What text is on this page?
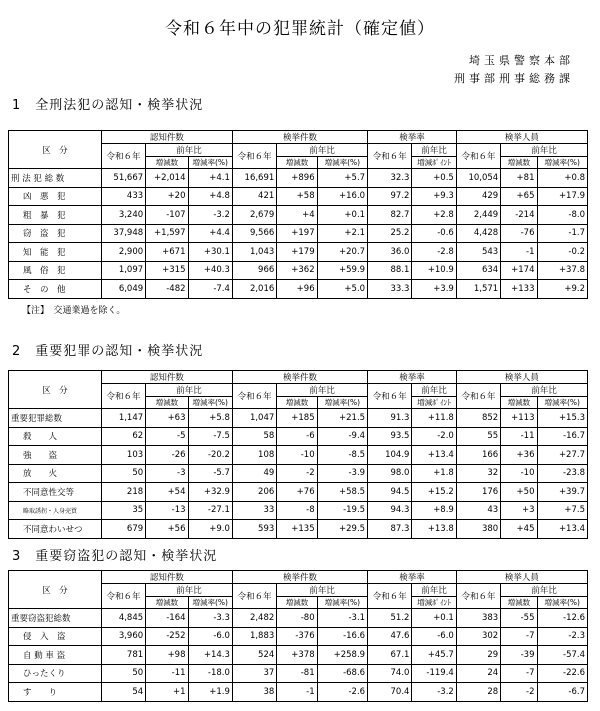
令和６年中の犯罪統計（確定値）
埼玉県警察本部
刑事部刑事総務課
1　全刑法犯の認知・検挙状況
区　分	認知件数			検挙件数			検挙率		検挙人員		
	令和６年	前年比		令和６年	前年比		令和６年	前年比	令和６年	前年比	
		増減数	増減率(%)		増減数	増減率(%)		増減ﾎﾟｲﾝﾄ		増減数	増減率(%)
刑 法 犯 総 数	51,667	+2,014	+4.1	16,691	+896	+5.7	32.3	+0.5	10,054	+81	+0.8
凶　悪　犯	433	+20	+4.8	421	+58	+16.0	97.2	+9.3	429	+65	+17.9
粗　暴　犯	3,240	-107	-3.2	2,679	+4	+0.1	82.7	+2.8	2,449	-214	-8.0
窃　盗　犯	37,948	+1,597	+4.4	9,566	+197	+2.1	25.2	-0.6	4,428	-76	-1.7
知　能　犯	2,900	+671	+30.1	1,043	+179	+20.7	36.0	-2.8	543	-1	-0.2
風　俗　犯	1,097	+315	+40.3	966	+362	+59.9	88.1	+10.9	634	+174	+37.8
そ　の　他	6,049	-482	-7.4	2,016	+96	+5.0	33.3	+3.9	1,571	+133	+9.2
【注】　交通業過を除く。
2　重要犯罪の認知・検挙状況
区　分	認知件数			検挙件数			検挙率		検挙人員		
	令和６年	前年比		令和６年	前年比		令和６年	前年比	令和６年	前年比	
		増減数	増減率(%)		増減数	増減率(%)		増減ﾎﾟｲﾝﾄ		増減数	増減率(%)
重要犯罪総数	1,147	+63	+5.8	1,047	+185	+21.5	91.3	+11.8	852	+113	+15.3
殺　　人	62	-5	-7.5	58	-6	-9.4	93.5	-2.0	55	-11	-16.7
強　　盗	103	-26	-20.2	108	-10	-8.5	104.9	+13.4	166	+36	+27.7
放　　火	50	-3	-5.7	49	-2	-3.9	98.0	+1.8	32	-10	-23.8
不同意性交等	218	+54	+32.9	206	+76	+58.5	94.5	+15.2	176	+50	+39.7
略取誘拐・人身売買	35	-13	-27.1	33	-8	-19.5	94.3	+8.9	43	+3	+7.5
不同意わいせつ	679	+56	+9.0	593	+135	+29.5	87.3	+13.8	380	+45	+13.4
3　重要窃盗犯の認知・検挙状況
区　分	認知件数			検挙件数			検挙率		検挙人員		
	令和６年	前年比		令和６年	前年比		令和６年	前年比	令和６年	前年比	
		増減数	増減率(%)		増減数	増減率(%)		増減ﾎﾟｲﾝﾄ		増減数	増減率(%)
重要窃盗犯総数	4,845	-164	-3.3	2,482	-80	-3.1	51.2	+0.1	383	-55	-12.6
侵　入　盗	3,960	-252	-6.0	1,883	-376	-16.6	47.6	-6.0	302	-7	-2.3
自 動 車 盗	781	+98	+14.3	524	+378	+258.9	67.1	+45.7	29	-39	-57.4
ひったくり	50	-11	-18.0	37	-81	-68.6	74.0	-119.4	24	-7	-22.6
す　　り	54	+1	+1.9	38	-1	-2.6	70.4	-3.2	28	-2	-6.7
